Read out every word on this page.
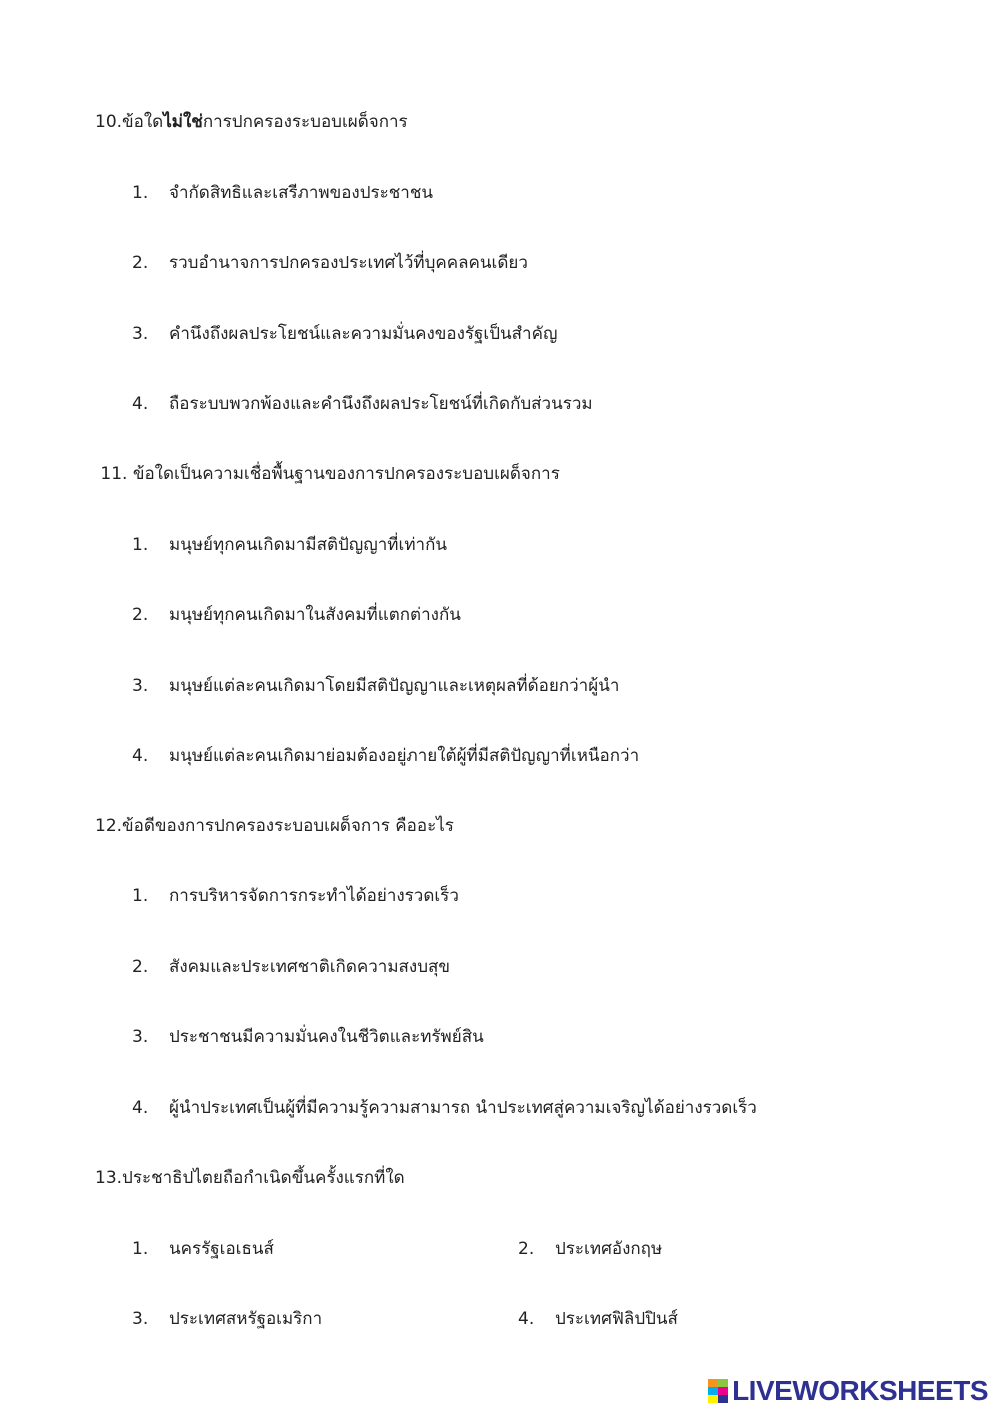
10.ข้อใดไม่ใช่การปกครองระบอบเผด็จการ
1.	จำกัดสิทธิและเสรีภาพของประชาชน
2.	รวบอำนาจการปกครองประเทศไว้ที่บุคคลคนเดียว
3.	คำนึงถึงผลประโยชน์และความมั่นคงของรัฐเป็นสำคัญ
4.	ถือระบบพวกพ้องและคำนึงถึงผลประโยชน์ที่เกิดกับส่วนรวม
11. ข้อใดเป็นความเชื่อพื้นฐานของการปกครองระบอบเผด็จการ
1.	มนุษย์ทุกคนเกิดมามีสติปัญญาที่เท่ากัน
2.	มนุษย์ทุกคนเกิดมาในสังคมที่แตกต่างกัน
3.	มนุษย์แต่ละคนเกิดมาโดยมีสติปัญญาและเหตุผลที่ด้อยกว่าผู้นำ
4.	มนุษย์แต่ละคนเกิดมาย่อมต้องอยู่ภายใต้ผู้ที่มีสติปัญญาที่เหนือกว่า
12.ข้อดีของการปกครองระบอบเผด็จการ คืออะไร
1.	การบริหารจัดการกระทำได้อย่างรวดเร็ว
2.	สังคมและประเทศชาติเกิดความสงบสุข
3.	ประชาชนมีความมั่นคงในชีวิตและทรัพย์สิน
4.	ผู้นำประเทศเป็นผู้ที่มีความรู้ความสามารถ นำประเทศสู่ความเจริญได้อย่างรวดเร็ว
13.ประชาธิปไตยถือกำเนิดขึ้นครั้งแรกที่ใด
1.	นครรัฐเอเธนส์	2.	ประเทศอังกฤษ
3.	ประเทศสหรัฐอเมริกา	4.	ประเทศฟิลิปปินส์
LIVEWORKSHEETS
